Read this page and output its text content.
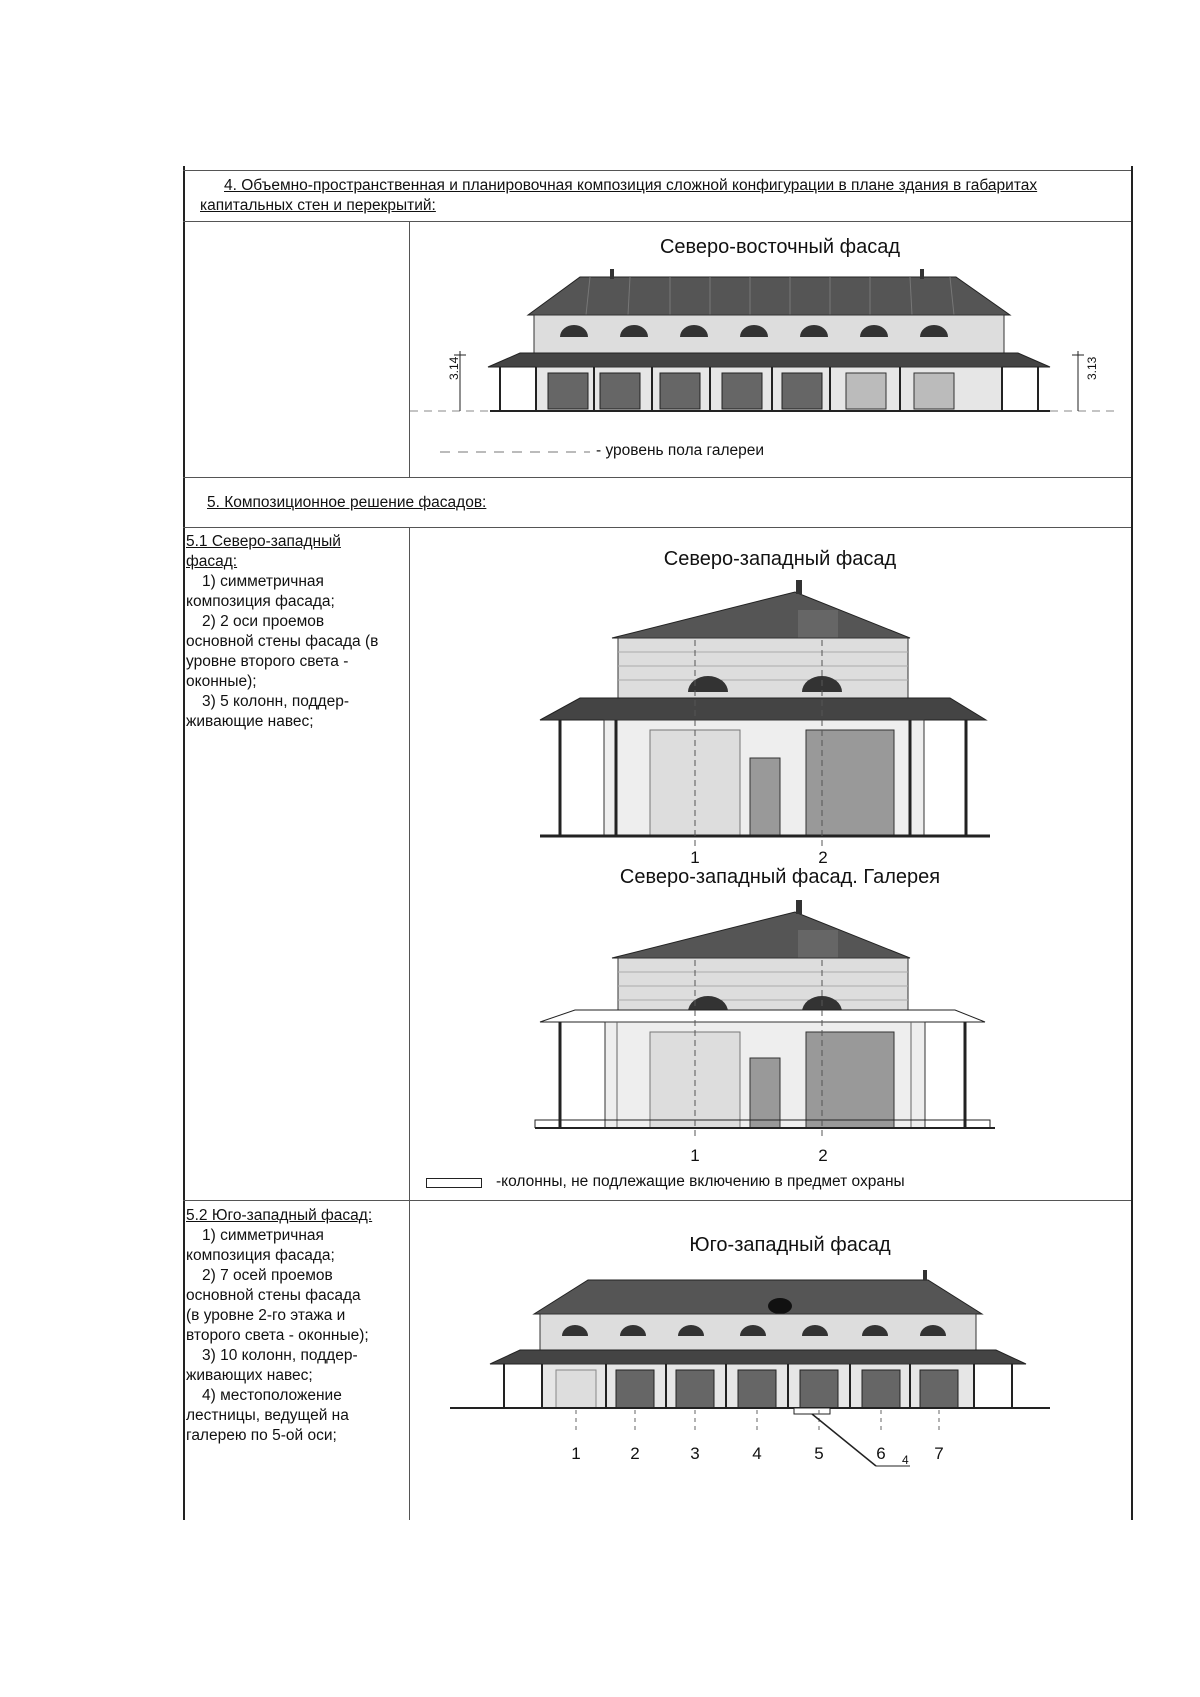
4. Объемно-пространственная и планировочная композиция сложной конфигурации в плане здания в габаритах капитальных стен и перекрытий:
Северо-восточный фасад
3.14	3.13
- уровень пола галереи
5. Композиционное решение фасадов:
5.1 Северо-западный фасад:
1) симметричная
композиция фасада;
2) 2 оси проемов
основной стены фасада (в
уровне второго света -
оконные);
3) 5 колонн, поддер-
живающие навес;
Северо-западный фасад
1	2
Северо-западный фасад. Галерея
1	2
-колонны, не подлежащие включению в предмет охраны
5.2 Юго-западный фасад:
1) симметричная
композиция фасада;
2) 7 осей проемов
основной стены фасада
(в уровне 2-го этажа и
второго света - оконные);
3) 10 колонн, поддер-
живающих навес;
4) местоположение
лестницы, ведущей на
галерею по 5-ой оси;
Юго-западный фасад
1	2	3	4	5	6	7
4
